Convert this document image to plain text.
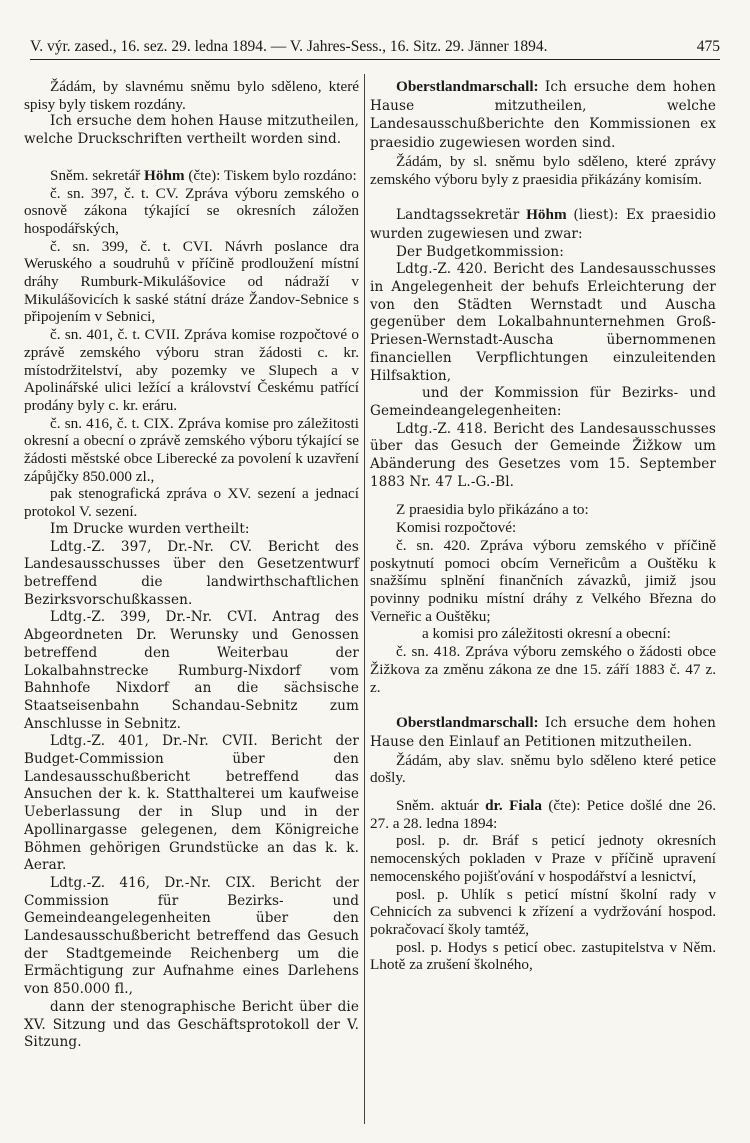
V. výr. zased., 16. sez. 29. ledna 1894. — V. Jahres-Sess., 16. Sitz. 29. Jänner 1894.	475

Žádám, by slavnému sněmu bylo sděleno, které spisy byly tiskem rozdány.

Ich ersuche dem hohen Hause mitzutheilen, welche Druckschriften vertheilt worden sind.

Sněm. sekretář Höhm (čte): Tiskem bylo rozdáno:

č. sn. 397, č. t. CV. Zpráva výboru zemského o osnově zákona týkající se okresních záložen hospodářských,

č. sn. 399, č. t. CVI. Návrh poslance dra Weruského a soudruhů v příčině prodloužení místní dráhy Rumburk-Mikulášovice od nádraží v Mikulášovicích k saské státní dráze Žandov-Sebnice s připojením v Sebnici,

č. sn. 401, č. t. CVII. Zpráva komise rozpočtové o zprávě zemského výboru stran žádosti c. kr. místodržitelství, aby pozemky ve Slupech a v Apolinářské ulici ležící a království Českému patřící prodány byly c. kr. eráru.

č. sn. 416, č. t. CIX. Zpráva komise pro záležitosti okresní a obecní o zprávě zemského výboru týkající se žádosti městské obce Liberecké za povolení k uzavření zápůjčky 850.000 zl.,

pak stenografická zpráva o XV. sezení a jednací protokol V. sezení.

Im Drucke wurden vertheilt:

Ldtg.-Z. 397, Dr.-Nr. CV. Bericht des Landesausschusses über den Gesetzentwurf betreffend die landwirthschaftlichen Bezirksvorschußkassen.

Ldtg.-Z. 399, Dr.-Nr. CVI. Antrag des Abgeordneten Dr. Werunsky und Genossen betreffend den Weiterbau der Lokalbahnstrecke Rumburg-Nixdorf vom Bahnhofe Nixdorf an die sächsische Staatseisenbahn Schandau-Sebnitz zum Anschlusse in Sebnitz.

Ldtg.-Z. 401, Dr.-Nr. CVII. Bericht der Budget-Commission über den Landesausschußbericht betreffend das Ansuchen der k. k. Statthalterei um kaufweise Ueberlassung der in Slup und in der Apollinargasse gelegenen, dem Königreiche Böhmen gehörigen Grundstücke an das k. k. Aerar.

Ldtg.-Z. 416, Dr.-Nr. CIX. Bericht der Commission für Bezirks- und Gemeindeangelegenheiten über den Landesausschußbericht betreffend das Gesuch der Stadtgemeinde Reichenberg um die Ermächtigung zur Aufnahme eines Darlehens von 850.000 fl.,

dann der stenographische Bericht über die XV. Sitzung und das Geschäftsprotokoll der V. Sitzung.

Oberstlandmarschall: Ich ersuche dem hohen Hause mitzutheilen, welche Landesausschußberichte den Kommissionen ex praesidio zugewiesen worden sind.

Žádám, by sl. sněmu bylo sděleno, které zprávy zemského výboru byly z praesidia přikázány komisím.

Landtagssekretär Höhm (liest): Ex praesidio wurden zugewiesen und zwar:

Der Budgetkommission:

Ldtg.-Z. 420. Bericht des Landesausschusses in Angelegenheit der behufs Erleichterung der von den Städten Wernstadt und Auscha gegenüber dem Lokalbahnunternehmen Groß-Priesen-Wernstadt-Auscha übernommenen financiellen Verpflichtungen einzuleitenden Hilfsaktion,

und der Kommission für Bezirks- und Gemeindeangelegenheiten:

Ldtg.-Z. 418. Bericht des Landesausschusses über das Gesuch der Gemeinde Žižkow um Abänderung des Gesetzes vom 15. September 1883 Nr. 47 L.-G.-Bl.

Z praesidia bylo přikázáno a to:

Komisi rozpočtové:

č. sn. 420. Zpráva výboru zemského v příčině poskytnutí pomoci obcím Verneřicům a Ouštěku k snažšímu splnění finančních závazků, jimiž jsou povinny podniku místní dráhy z Velkého Března do Verneřic a Ouštěku;

a komisi pro záležitosti okresní a obecní:

č. sn. 418. Zpráva výboru zemského o žádosti obce Žižkova za změnu zákona ze dne 15. září 1883 č. 47 z. z.

Oberstlandmarschall: Ich ersuche dem hohen Hause den Einlauf an Petitionen mitzutheilen.

Žádám, aby slav. sněmu bylo sděleno které petice došly.

Sněm. aktuár dr. Fiala (čte): Petice došlé dne 26. 27. a 28. ledna 1894:

posl. p. dr. Bráf s peticí jednoty okresních nemocenských pokladen v Praze v příčině upravení nemocenského pojišťování v hospodářství a lesnictví,

posl. p. Uhlík s peticí místní školní rady v Cehnicích za subvenci k zřízení a vydržování hospod. pokračovací školy tamtéž,

posl. p. Hodys s peticí obec. zastupitelstva v Něm. Lhotě za zrušení školného,
